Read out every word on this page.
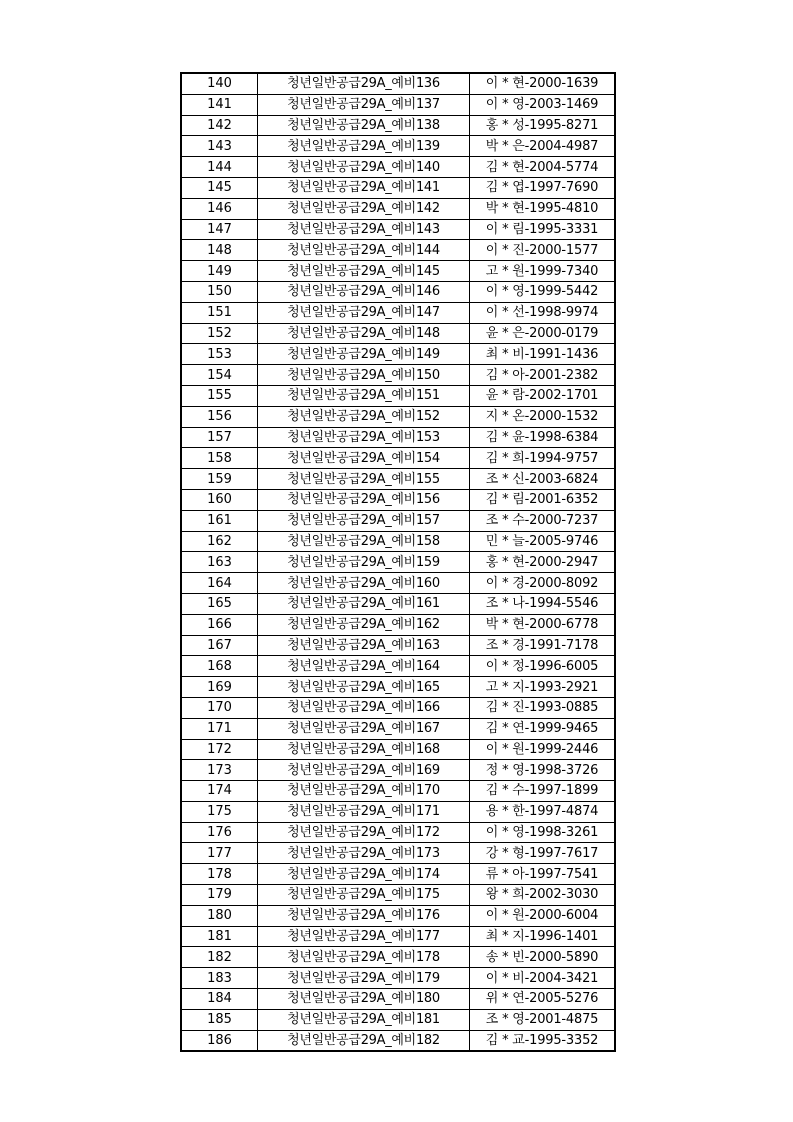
140	청년일반공급29A_예비136	이 * 현-2000-1639
141	청년일반공급29A_예비137	이 * 영-2003-1469
142	청년일반공급29A_예비138	홍 * 성-1995-8271
143	청년일반공급29A_예비139	박 * 은-2004-4987
144	청년일반공급29A_예비140	김 * 현-2004-5774
145	청년일반공급29A_예비141	김 * 엽-1997-7690
146	청년일반공급29A_예비142	박 * 현-1995-4810
147	청년일반공급29A_예비143	이 * 림-1995-3331
148	청년일반공급29A_예비144	이 * 진-2000-1577
149	청년일반공급29A_예비145	고 * 원-1999-7340
150	청년일반공급29A_예비146	이 * 영-1999-5442
151	청년일반공급29A_예비147	이 * 선-1998-9974
152	청년일반공급29A_예비148	윤 * 은-2000-0179
153	청년일반공급29A_예비149	최 * 비-1991-1436
154	청년일반공급29A_예비150	김 * 아-2001-2382
155	청년일반공급29A_예비151	윤 * 람-2002-1701
156	청년일반공급29A_예비152	지 * 온-2000-1532
157	청년일반공급29A_예비153	김 * 윤-1998-6384
158	청년일반공급29A_예비154	김 * 희-1994-9757
159	청년일반공급29A_예비155	조 * 신-2003-6824
160	청년일반공급29A_예비156	김 * 림-2001-6352
161	청년일반공급29A_예비157	조 * 수-2000-7237
162	청년일반공급29A_예비158	민 * 늘-2005-9746
163	청년일반공급29A_예비159	홍 * 현-2000-2947
164	청년일반공급29A_예비160	이 * 경-2000-8092
165	청년일반공급29A_예비161	조 * 나-1994-5546
166	청년일반공급29A_예비162	박 * 현-2000-6778
167	청년일반공급29A_예비163	조 * 경-1991-7178
168	청년일반공급29A_예비164	이 * 정-1996-6005
169	청년일반공급29A_예비165	고 * 지-1993-2921
170	청년일반공급29A_예비166	김 * 진-1993-0885
171	청년일반공급29A_예비167	김 * 연-1999-9465
172	청년일반공급29A_예비168	이 * 원-1999-2446
173	청년일반공급29A_예비169	정 * 영-1998-3726
174	청년일반공급29A_예비170	김 * 수-1997-1899
175	청년일반공급29A_예비171	용 * 한-1997-4874
176	청년일반공급29A_예비172	이 * 영-1998-3261
177	청년일반공급29A_예비173	강 * 형-1997-7617
178	청년일반공급29A_예비174	류 * 아-1997-7541
179	청년일반공급29A_예비175	왕 * 희-2002-3030
180	청년일반공급29A_예비176	이 * 원-2000-6004
181	청년일반공급29A_예비177	최 * 지-1996-1401
182	청년일반공급29A_예비178	송 * 빈-2000-5890
183	청년일반공급29A_예비179	이 * 비-2004-3421
184	청년일반공급29A_예비180	위 * 연-2005-5276
185	청년일반공급29A_예비181	조 * 영-2001-4875
186	청년일반공급29A_예비182	김 * 교-1995-3352
